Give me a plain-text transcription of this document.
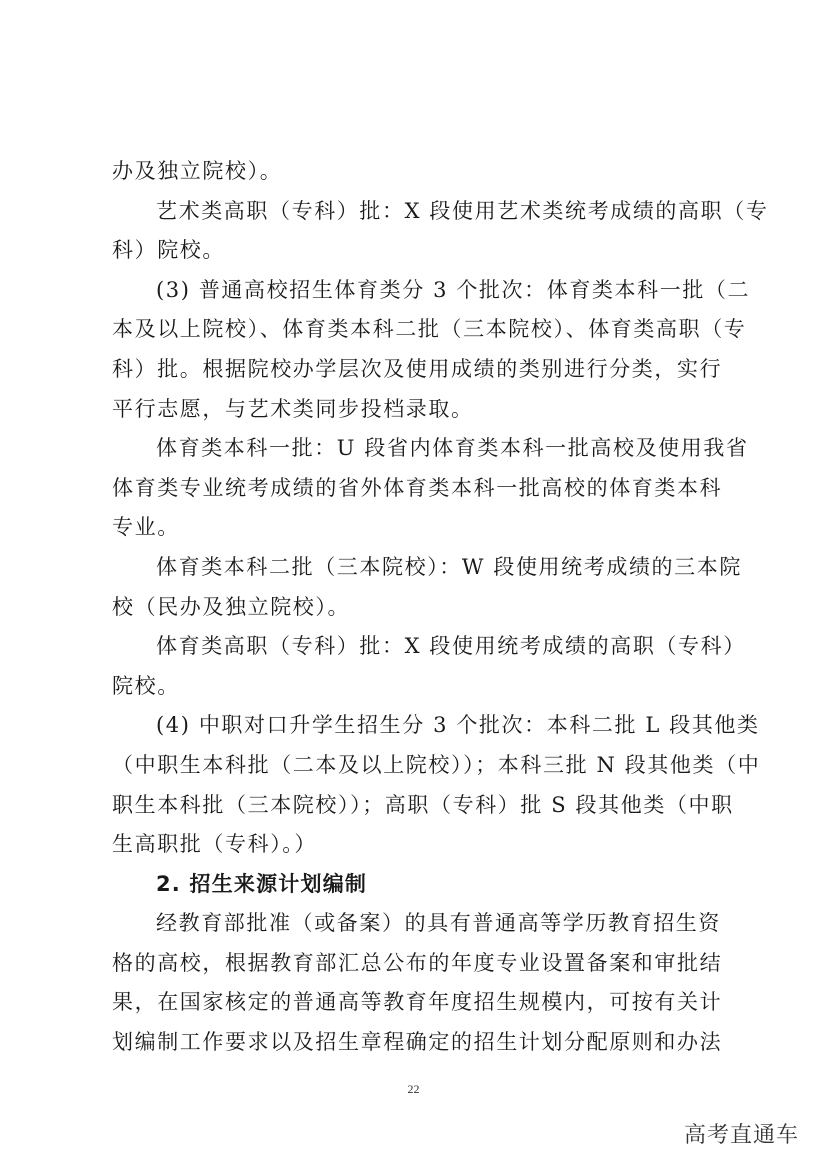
办及独立院校）。
艺术类高职（专科）批：X 段使用艺术类统考成绩的高职（专
科）院校。
(3) 普通高校招生体育类分 3 个批次：体育类本科一批（二
本及以上院校）、体育类本科二批（三本院校）、体育类高职（专
科）批。根据院校办学层次及使用成绩的类别进行分类，实行
平行志愿，与艺术类同步投档录取。
体育类本科一批：U 段省内体育类本科一批高校及使用我省
体育类专业统考成绩的省外体育类本科一批高校的体育类本科
专业。
体育类本科二批（三本院校）：W 段使用统考成绩的三本院
校（民办及独立院校）。
体育类高职（专科）批：X 段使用统考成绩的高职（专科）
院校。
(4) 中职对口升学生招生分 3 个批次：本科二批 L 段其他类
（中职生本科批（二本及以上院校））；本科三批 N 段其他类（中
职生本科批（三本院校））；高职（专科）批 S 段其他类（中职
生高职批（专科）。）
2. 招生来源计划编制
经教育部批准（或备案）的具有普通高等学历教育招生资
格的高校，根据教育部汇总公布的年度专业设置备案和审批结
果，在国家核定的普通高等教育年度招生规模内，可按有关计
划编制工作要求以及招生章程确定的招生计划分配原则和办法
22
高考直通车
